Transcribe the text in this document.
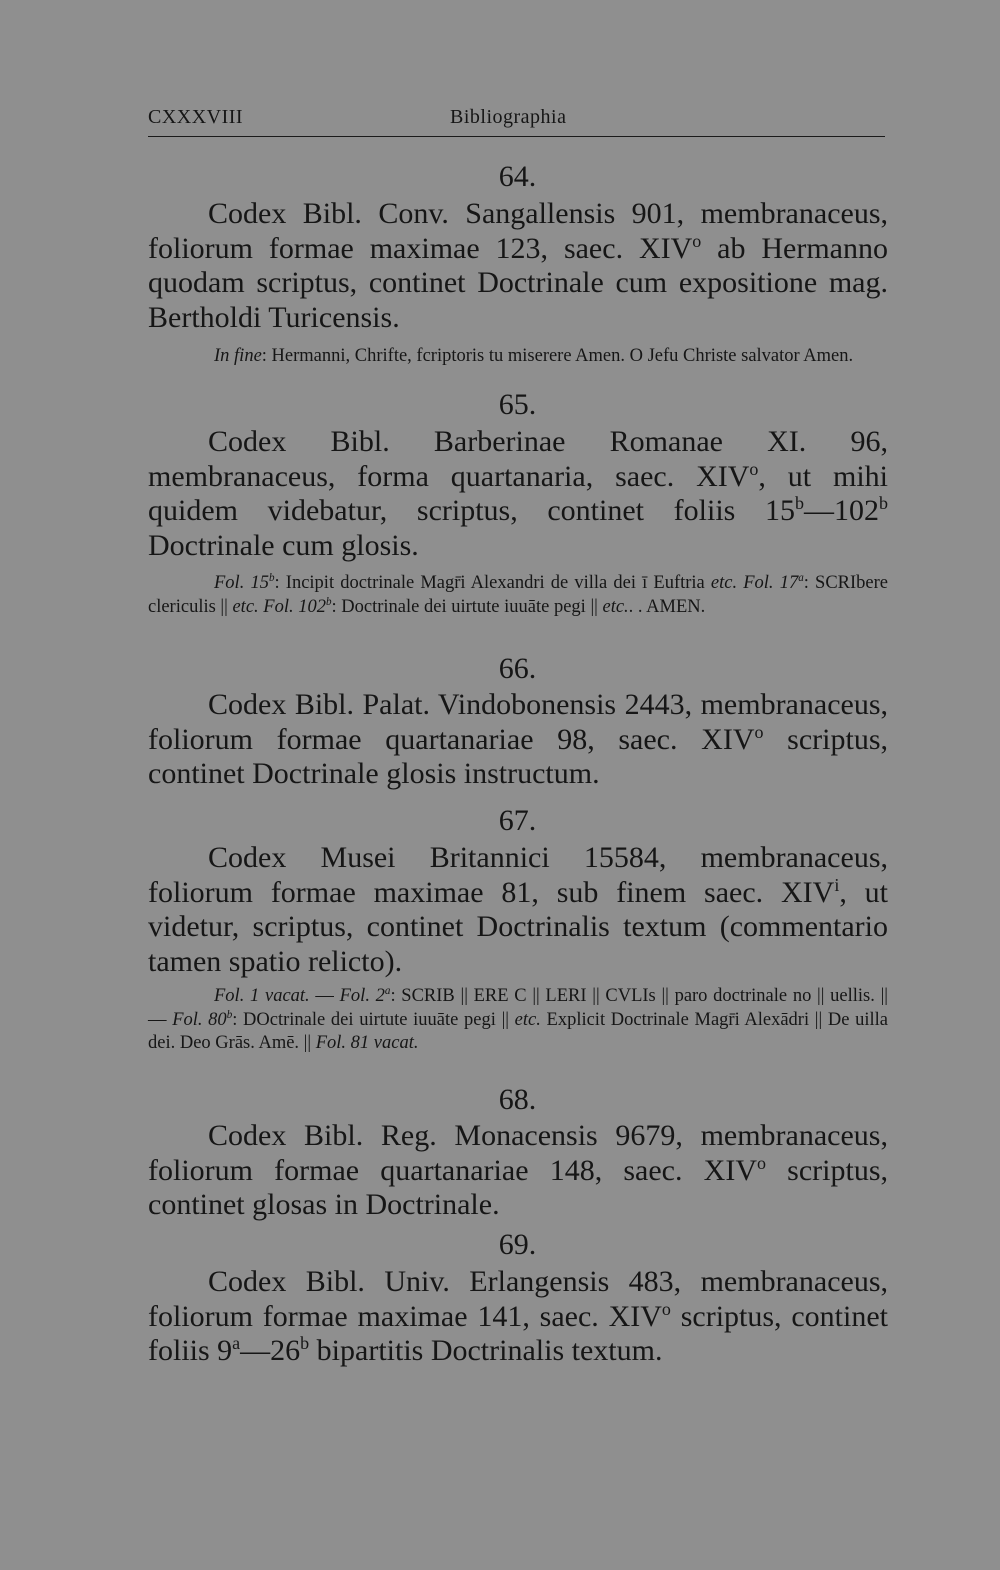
CXXXVIII	Bibliographia
64.
Codex Bibl. Conv. Sangallensis 901, membranaceus, foliorum formae maximae 123, saec. XIV$^o$ ab Hermanno quodam scriptus, continet Doctrinale cum expositione mag. Bertholdi Turicensis.
In fine: Hermanni, Chrifte, fcriptoris tu miserere Amen. O Jefu Christe salvator Amen.
65.
Codex Bibl. Barberinae Romanae XI. 96, membranaceus, forma quartanaria, saec. XIV$^o$, ut mihi quidem videbatur, scriptus, continet foliis 15$^b$—102$^b$ Doctrinale cum glosis.
Fol. 15$^b$: Incipit doctrinale Magr̄i Alexandri de villa dei ī Euftria etc. Fol. 17$^a$: SCRIbere clericulis || etc. Fol. 102$^b$: Doctrinale dei uirtute iuuāte pegi || etc.. . AMEN.
66.
Codex Bibl. Palat. Vindobonensis 2443, membranaceus, foliorum formae quartanariae 98, saec. XIV$^o$ scriptus, continet Doctrinale glosis instructum.
67.
Codex Musei Britannici 15584, membranaceus, foliorum formae maximae 81, sub finem saec. XIV$^i$, ut videtur, scriptus, continet Doctrinalis textum (commentario tamen spatio relicto).
Fol. 1 vacat. — Fol. 2$^a$: SCRIB || ERE C || LERI || CVLIs || paro doctrinale no || uellis. || — Fol. 80$^b$: DOctrinale dei uirtute iuuāte pegi || etc. Explicit Doctrinale Magr̄i Alexādri || De uilla dei. Deo Grās. Amē. || Fol. 81 vacat.
68.
Codex Bibl. Reg. Monacensis 9679, membranaceus, foliorum formae quartanariae 148, saec. XIV$^o$ scriptus, continet glosas in Doctrinale.
69.
Codex Bibl. Univ. Erlangensis 483, membranaceus, foliorum formae maximae 141, saec. XIV$^o$ scriptus, continet foliis 9$^a$—26$^b$ bipartitis Doctrinalis textum.
